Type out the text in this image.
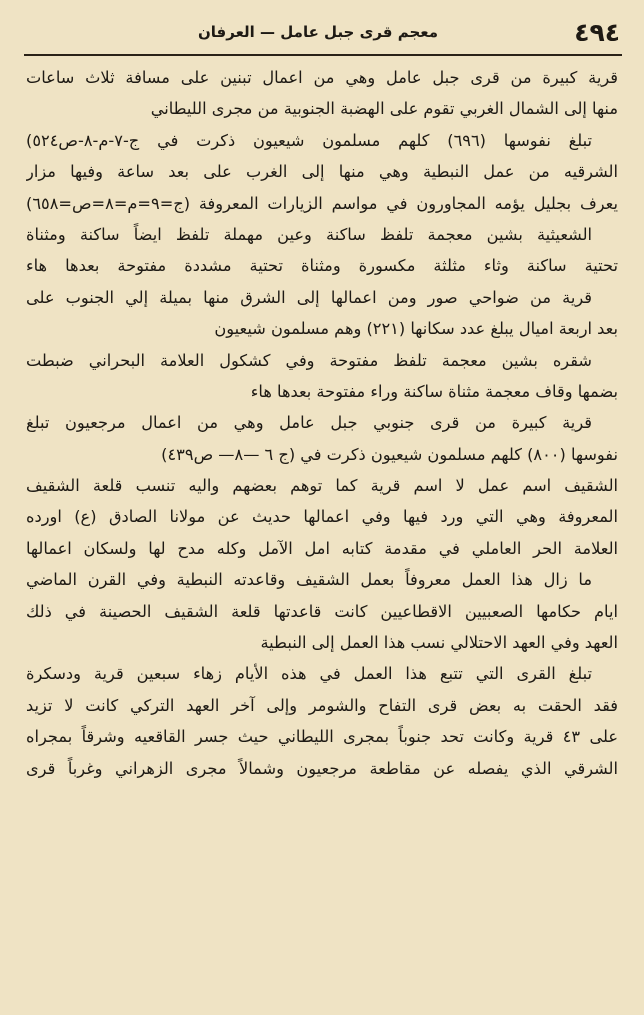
٤٩٤
معجم قرى جبل عامل — العرفان
قرية كبيرة من قرى جبل عامل وهي من اعمال تبنين على مسافة ثلاث ساعات
منها إلى الشمال الغربي تقوم على الهضبة الجنوبية من مجرى الليطاني
تبلغ نفوسها (٦٩٦) كلهم مسلمون شيعيون ذكرت في ج-٧-م-٨-ص٥٢٤)
الشرقيه من عمل النبطية وهي منها إلى الغرب على بعد ساعة وفيها مزار
يعرف بجليل يؤمه المجاورون في مواسم الزيارات المعروفة (ج=٩=م=٨=ص=٦٥٨)
الشعيثية بشين معجمة تلفظ ساكنة وعين مهملة تلفظ ايضاً ساكنة ومثناة
تحتية ساكنة وثاء مثلثة مكسورة ومثناة تحتية مشددة مفتوحة بعدها هاء
قرية من ضواحي صور ومن اعمالها إلى الشرق منها بميلة إلي الجنوب على
بعد اربعة اميال يبلغ عدد سكانها (٢٢١) وهم مسلمون شيعيون
شقره بشين معجمة تلفظ مفتوحة وفي كشكول العلامة البحراني ضبطت
بضمها وقاف معجمة مثناة ساكنة وراء مفتوحة بعدها هاء
قرية كبيرة من قرى جنوبي جبل عامل وهي من اعمال مرجعيون تبلغ
نفوسها (٨٠٠) كلهم مسلمون شيعيون ذكرت في (ج ٦ —٨— ص٤٣٩)
الشقيف اسم عمل لا اسم قرية كما توهم بعضهم واليه تنسب قلعة الشقيف
المعروفة وهي التي ورد فيها وفي اعمالها حديث عن مولانا الصادق (ع) اورده
العلامة الحر العاملي في مقدمة كتابه امل الآمل وكله مدح لها ولسكان اعمالها
ما زال هذا العمل معروفاً بعمل الشقيف وقاعدته النبطية وفي القرن الماضي
ايام حكامها الصعبيين الاقطاعيين كانت قاعدتها قلعة الشقيف الحصينة في ذلك
العهد وفي العهد الاحتلالي نسب هذا العمل إلى النبطية
تبلغ القرى التي تتبع هذا العمل في هذه الأيام زهاء سبعين قرية ودسكرة
فقد الحقت به بعض قرى التفاح والشومر وإلى آخر العهد التركي كانت لا تزيد
على ٤٣ قرية وكانت تحد جنوباً بمجرى الليطاني حيث جسر القاقعيه وشرقاً بمجراه
الشرقي الذي يفصله عن مقاطعة مرجعيون وشمالاً مجرى الزهراني وغرباً قرى
